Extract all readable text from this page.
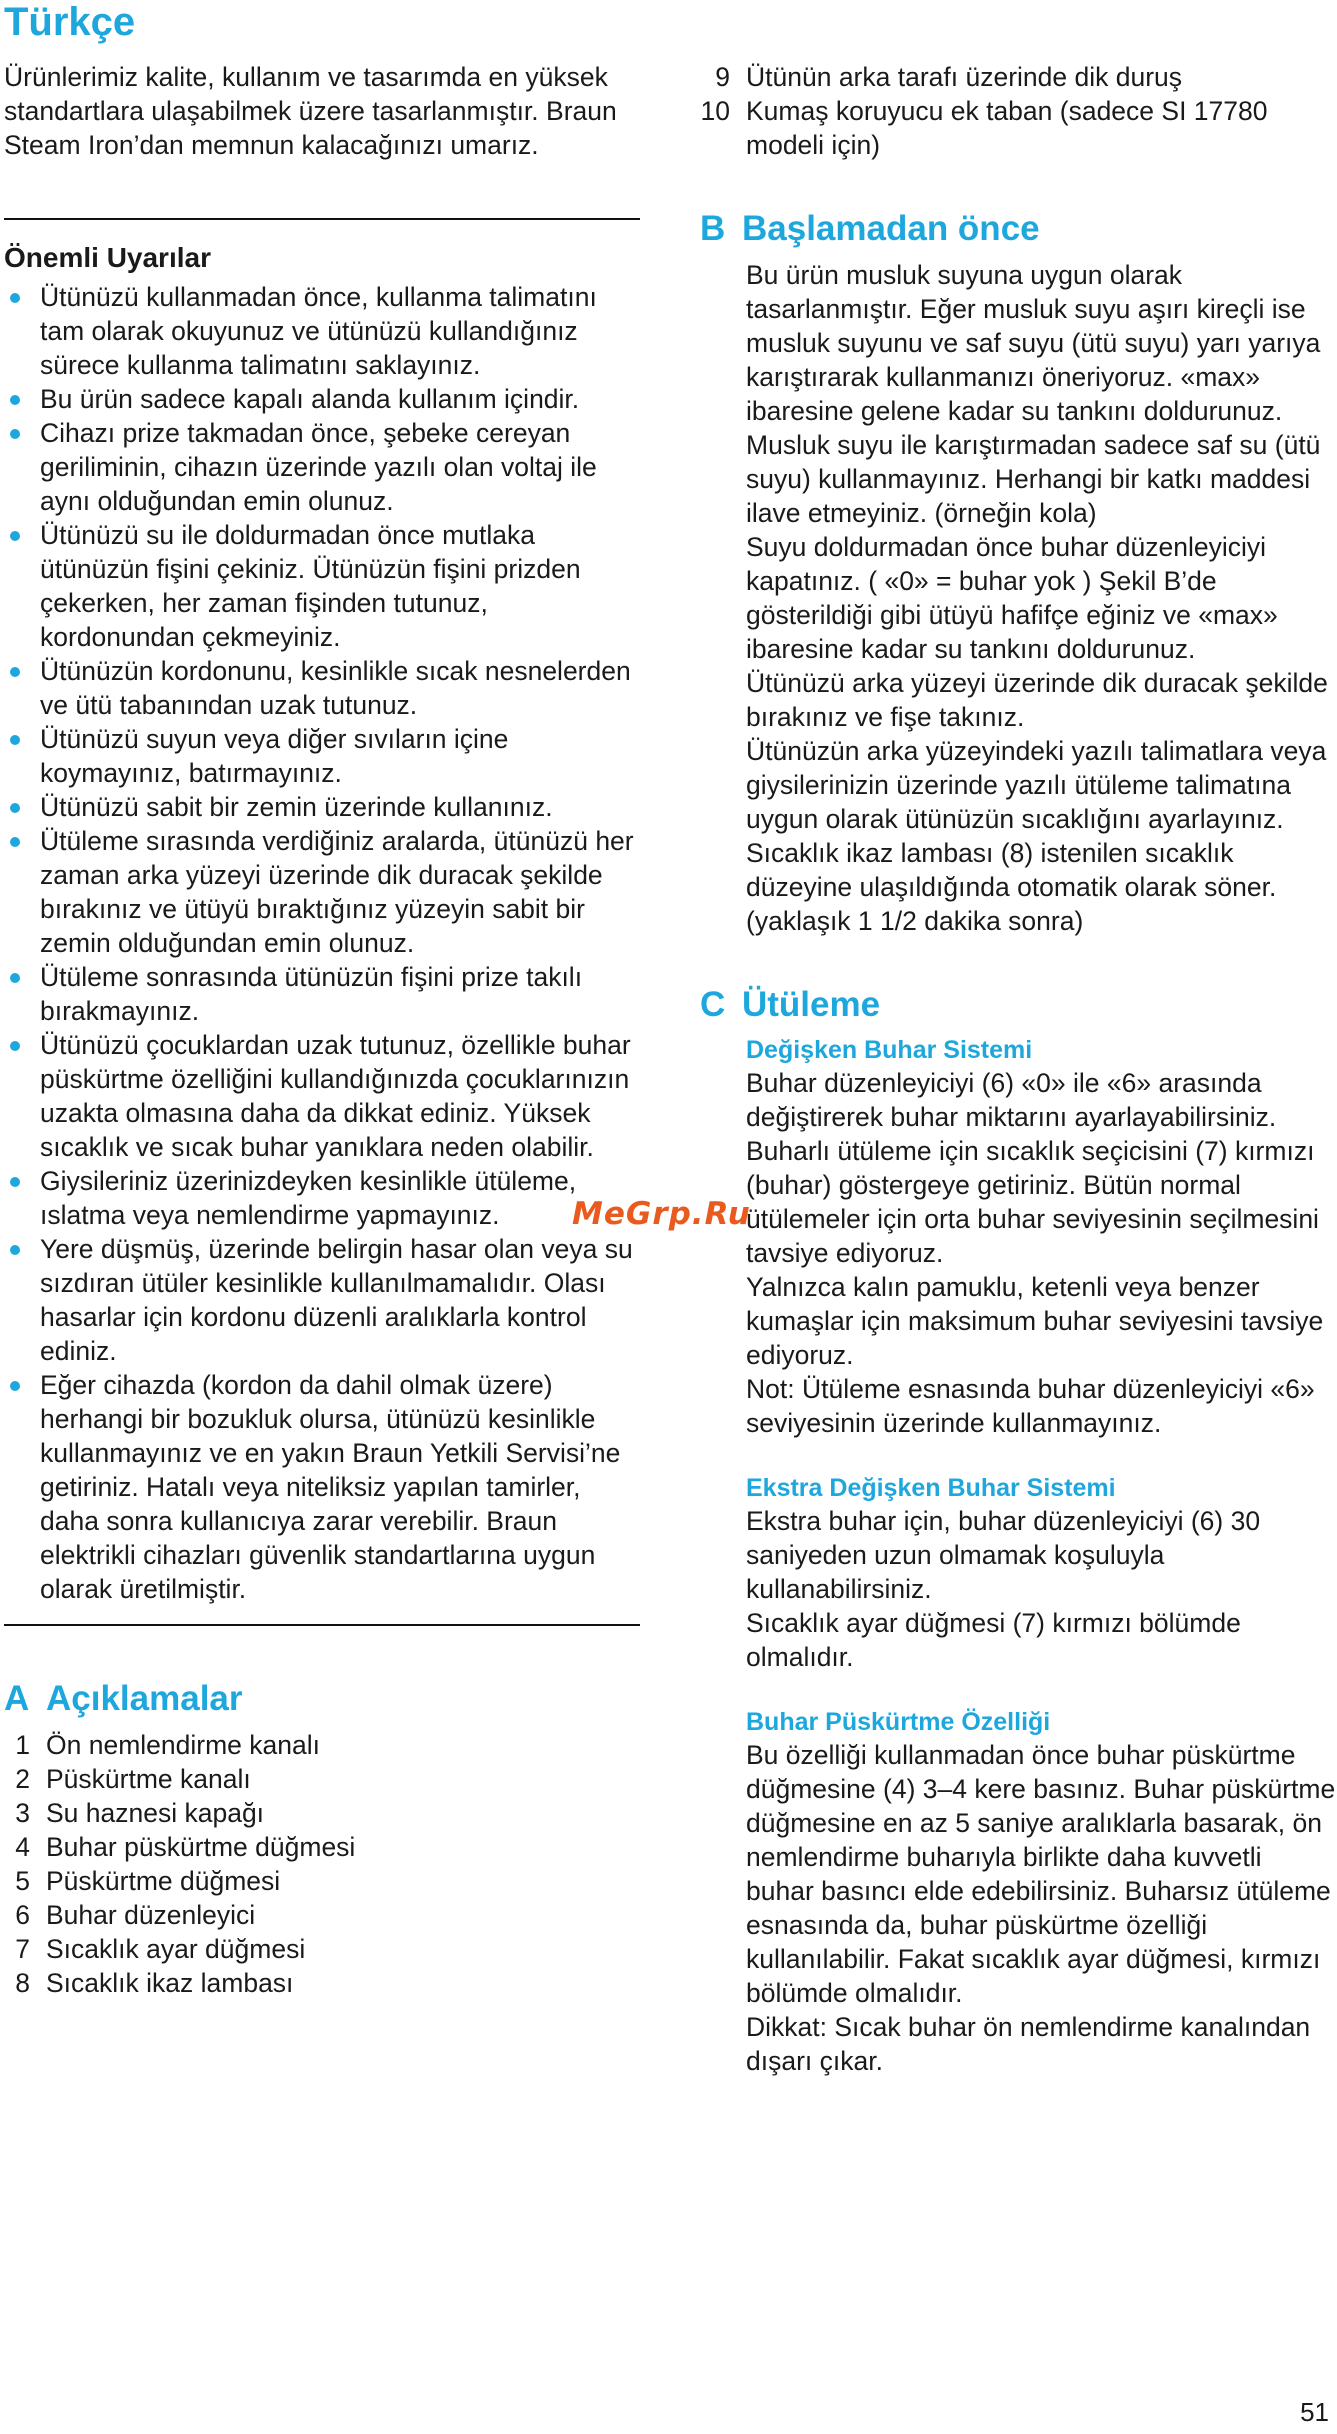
Türkçe

Ürünlerimiz kalite, kullanım ve tasarımda en yüksek standartlara ulaşabilmek üzere tasarlanmıştır. Braun Steam Iron’dan memnun kalacağınızı umarız.

Önemli Uyarılar
Ütünüzü kullanmadan önce, kullanma talimatını tam olarak okuyunuz ve ütünüzü kullandığınız sürece kullanma talimatını saklayınız.
Bu ürün sadece kapalı alanda kullanım içindir.
Cihazı prize takmadan önce, şebeke cereyan geriliminin, cihazın üzerinde yazılı olan voltaj ile aynı olduğundan emin olunuz.
Ütünüzü su ile doldurmadan önce mutlaka ütünüzün fişini çekiniz. Ütünüzün fişini prizden çekerken, her zaman fişinden tutunuz, kordonundan çekmeyiniz.
Ütünüzün kordonunu, kesinlikle sıcak nesnelerden ve ütü tabanından uzak tutunuz.
Ütünüzü suyun veya diğer sıvıların içine koymayınız, batırmayınız.
Ütünüzü sabit bir zemin üzerinde kullanınız.
Ütüleme sırasında verdiğiniz aralarda, ütünüzü her zaman arka yüzeyi üzerinde dik duracak şekilde bırakınız ve ütüyü bıraktığınız yüzeyin sabit bir zemin olduğundan emin olunuz.
Ütüleme sonrasında ütünüzün fişini prize takılı bırakmayınız.
Ütünüzü çocuklardan uzak tutunuz, özellikle buhar püskürtme özelliğini kullandığınızda çocuklarınızın uzakta olmasına daha da dikkat ediniz. Yüksek sıcaklık ve sıcak buhar yanıklara neden olabilir.
Giysileriniz üzerinizdeyken kesinlikle ütüleme, ıslatma veya nemlendirme yapmayınız.
Yere düşmüş, üzerinde belirgin hasar olan veya su sızdıran ütüler kesinlikle kullanılmamalıdır. Olası hasarlar için kordonu düzenli aralıklarla kontrol ediniz.
Eğer cihazda (kordon da dahil olmak üzere) herhangi bir bozukluk olursa, ütünüzü kesinlikle kullanmayınız ve en yakın Braun Yetkili Servisi’ne getiriniz. Hatalı veya niteliksiz yapılan tamirler, daha sonra kullanıcıya zarar verebilir. Braun elektrikli cihazları güvenlik standartlarına uygun olarak üretilmiştir.
A Açıklamalar
1 Ön nemlendirme kanalı
2 Püskürtme kanalı
3 Su haznesi kapağı
4 Buhar püskürtme düğmesi
5 Püskürtme düğmesi
6 Buhar düzenleyici
7 Sıcaklık ayar düğmesi
8 Sıcaklık ikaz lambası
9 Ütünün arka tarafı üzerinde dik duruş
10 Kumaş koruyucu ek taban (sadece SI 17780 modeli için)
B Başlamadan önce

Bu ürün musluk suyuna uygun olarak tasarlanmıştır. Eğer musluk suyu aşırı kireçli ise musluk suyunu ve saf suyu (ütü suyu) yarı yarıya karıştırarak kullanmanızı öneriyoruz. «max» ibaresine gelene kadar su tankını doldurunuz. Musluk suyu ile karıştırmadan sadece saf su (ütü suyu) kullanmayınız. Herhangi bir katkı maddesi ilave etmeyiniz. (örneğin kola)

Suyu doldurmadan önce buhar düzenleyiciyi kapatınız. ( «0» = buhar yok ) Şekil B’de gösterildiği gibi ütüyü hafifçe eğiniz ve «max» ibaresine kadar su tankını doldurunuz.

Ütünüzü arka yüzeyi üzerinde dik duracak şekilde bırakınız ve fişe takınız.

Ütünüzün arka yüzeyindeki yazılı talimatlara veya giysilerinizin üzerinde yazılı ütüleme talimatına uygun olarak ütünüzün sıcaklığını ayarlayınız.

Sıcaklık ikaz lambası (8) istenilen sıcaklık düzeyine ulaşıldığında otomatik olarak söner. (yaklaşık 1 1/2 dakika sonra)

C Ütüleme
Değişken Buhar Sistemi

Buhar düzenleyiciyi (6) «0» ile «6» arasında değiştirerek buhar miktarını ayarlayabilirsiniz. Buharlı ütüleme için sıcaklık seçicisini (7) kırmızı (buhar) göstergeye getiriniz. Bütün normal ütülemeler için orta buhar seviyesinin seçilmesini tavsiye ediyoruz.

Yalnızca kalın pamuklu, ketenli veya benzer kumaşlar için maksimum buhar seviyesini tavsiye ediyoruz.

Not: Ütüleme esnasında buhar düzenleyiciyi «6» seviyesinin üzerinde kullanmayınız.

Ekstra Değişken Buhar Sistemi

Ekstra buhar için, buhar düzenleyiciyi (6) 30 saniyeden uzun olmamak koşuluyla kullanabilirsiniz.

Sıcaklık ayar düğmesi (7) kırmızı bölümde olmalıdır.

Buhar Püskürtme Özelliği

Bu özelliği kullanmadan önce buhar püskürtme düğmesine (4) 3–4 kere basınız. Buhar püskürtme düğmesine en az 5 saniye aralıklarla basarak, ön nemlendirme buharıyla birlikte daha kuvvetli buhar basıncı elde edebilirsiniz. Buharsız ütüleme esnasında da, buhar püskürtme özelliği kullanılabilir. Fakat sıcaklık ayar düğmesi, kırmızı bölümde olmalıdır.

Dikkat: Sıcak buhar ön nemlendirme kanalından dışarı çıkar.

MeGrp.Ru
51
